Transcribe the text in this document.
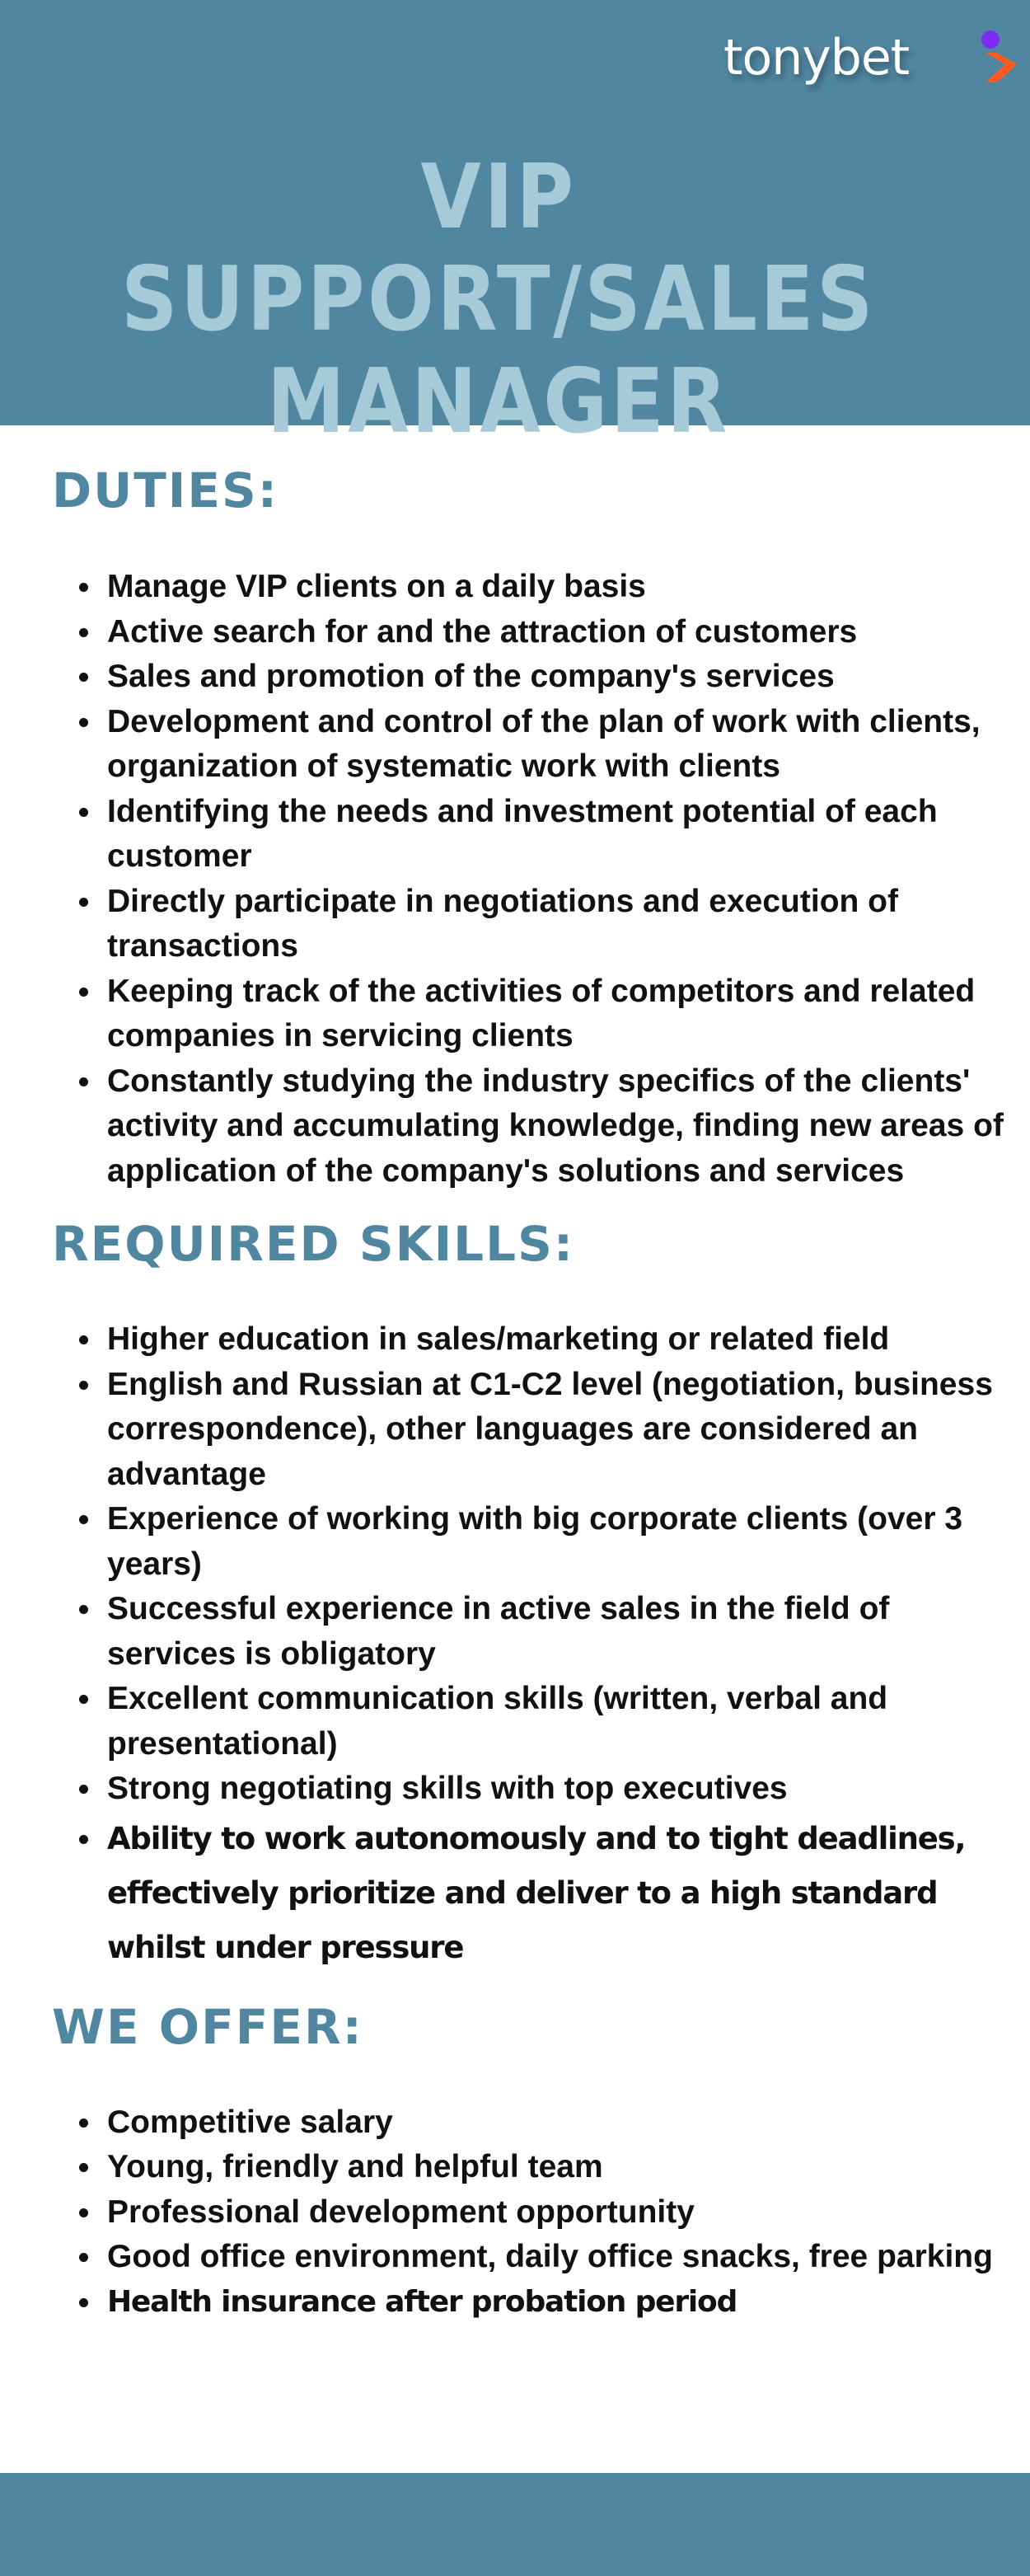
tonybet
VIP SUPPORT/SALES MANAGER
DUTIES:
Manage VIP clients on a daily basis
Active search for and the attraction of customers
Sales and promotion of the company's services
Development and control of the plan of work with clients, organization of systematic work with clients
Identifying the needs and investment potential of each customer
Directly participate in negotiations and execution of transactions
Keeping track of the activities of competitors and related companies in servicing clients
Constantly studying the industry specifics of the clients' activity and accumulating knowledge, finding new areas of application of the company's solutions and services
REQUIRED SKILLS:
Higher education in sales/marketing or related field
English and Russian at C1-C2 level (negotiation, business correspondence), other languages are considered an advantage
Experience of working with big corporate clients (over 3 years)
Successful experience in active sales in the field of services is obligatory
Excellent communication skills (written, verbal and presentational)
Strong negotiating skills with top executives
Ability to work autonomously and to tight deadlines, effectively prioritize and deliver to a high standard whilst under pressure
WE OFFER:
Competitive salary
Young, friendly and helpful team
Professional development opportunity
Good office environment, daily office snacks, free parking
Health insurance after probation period
